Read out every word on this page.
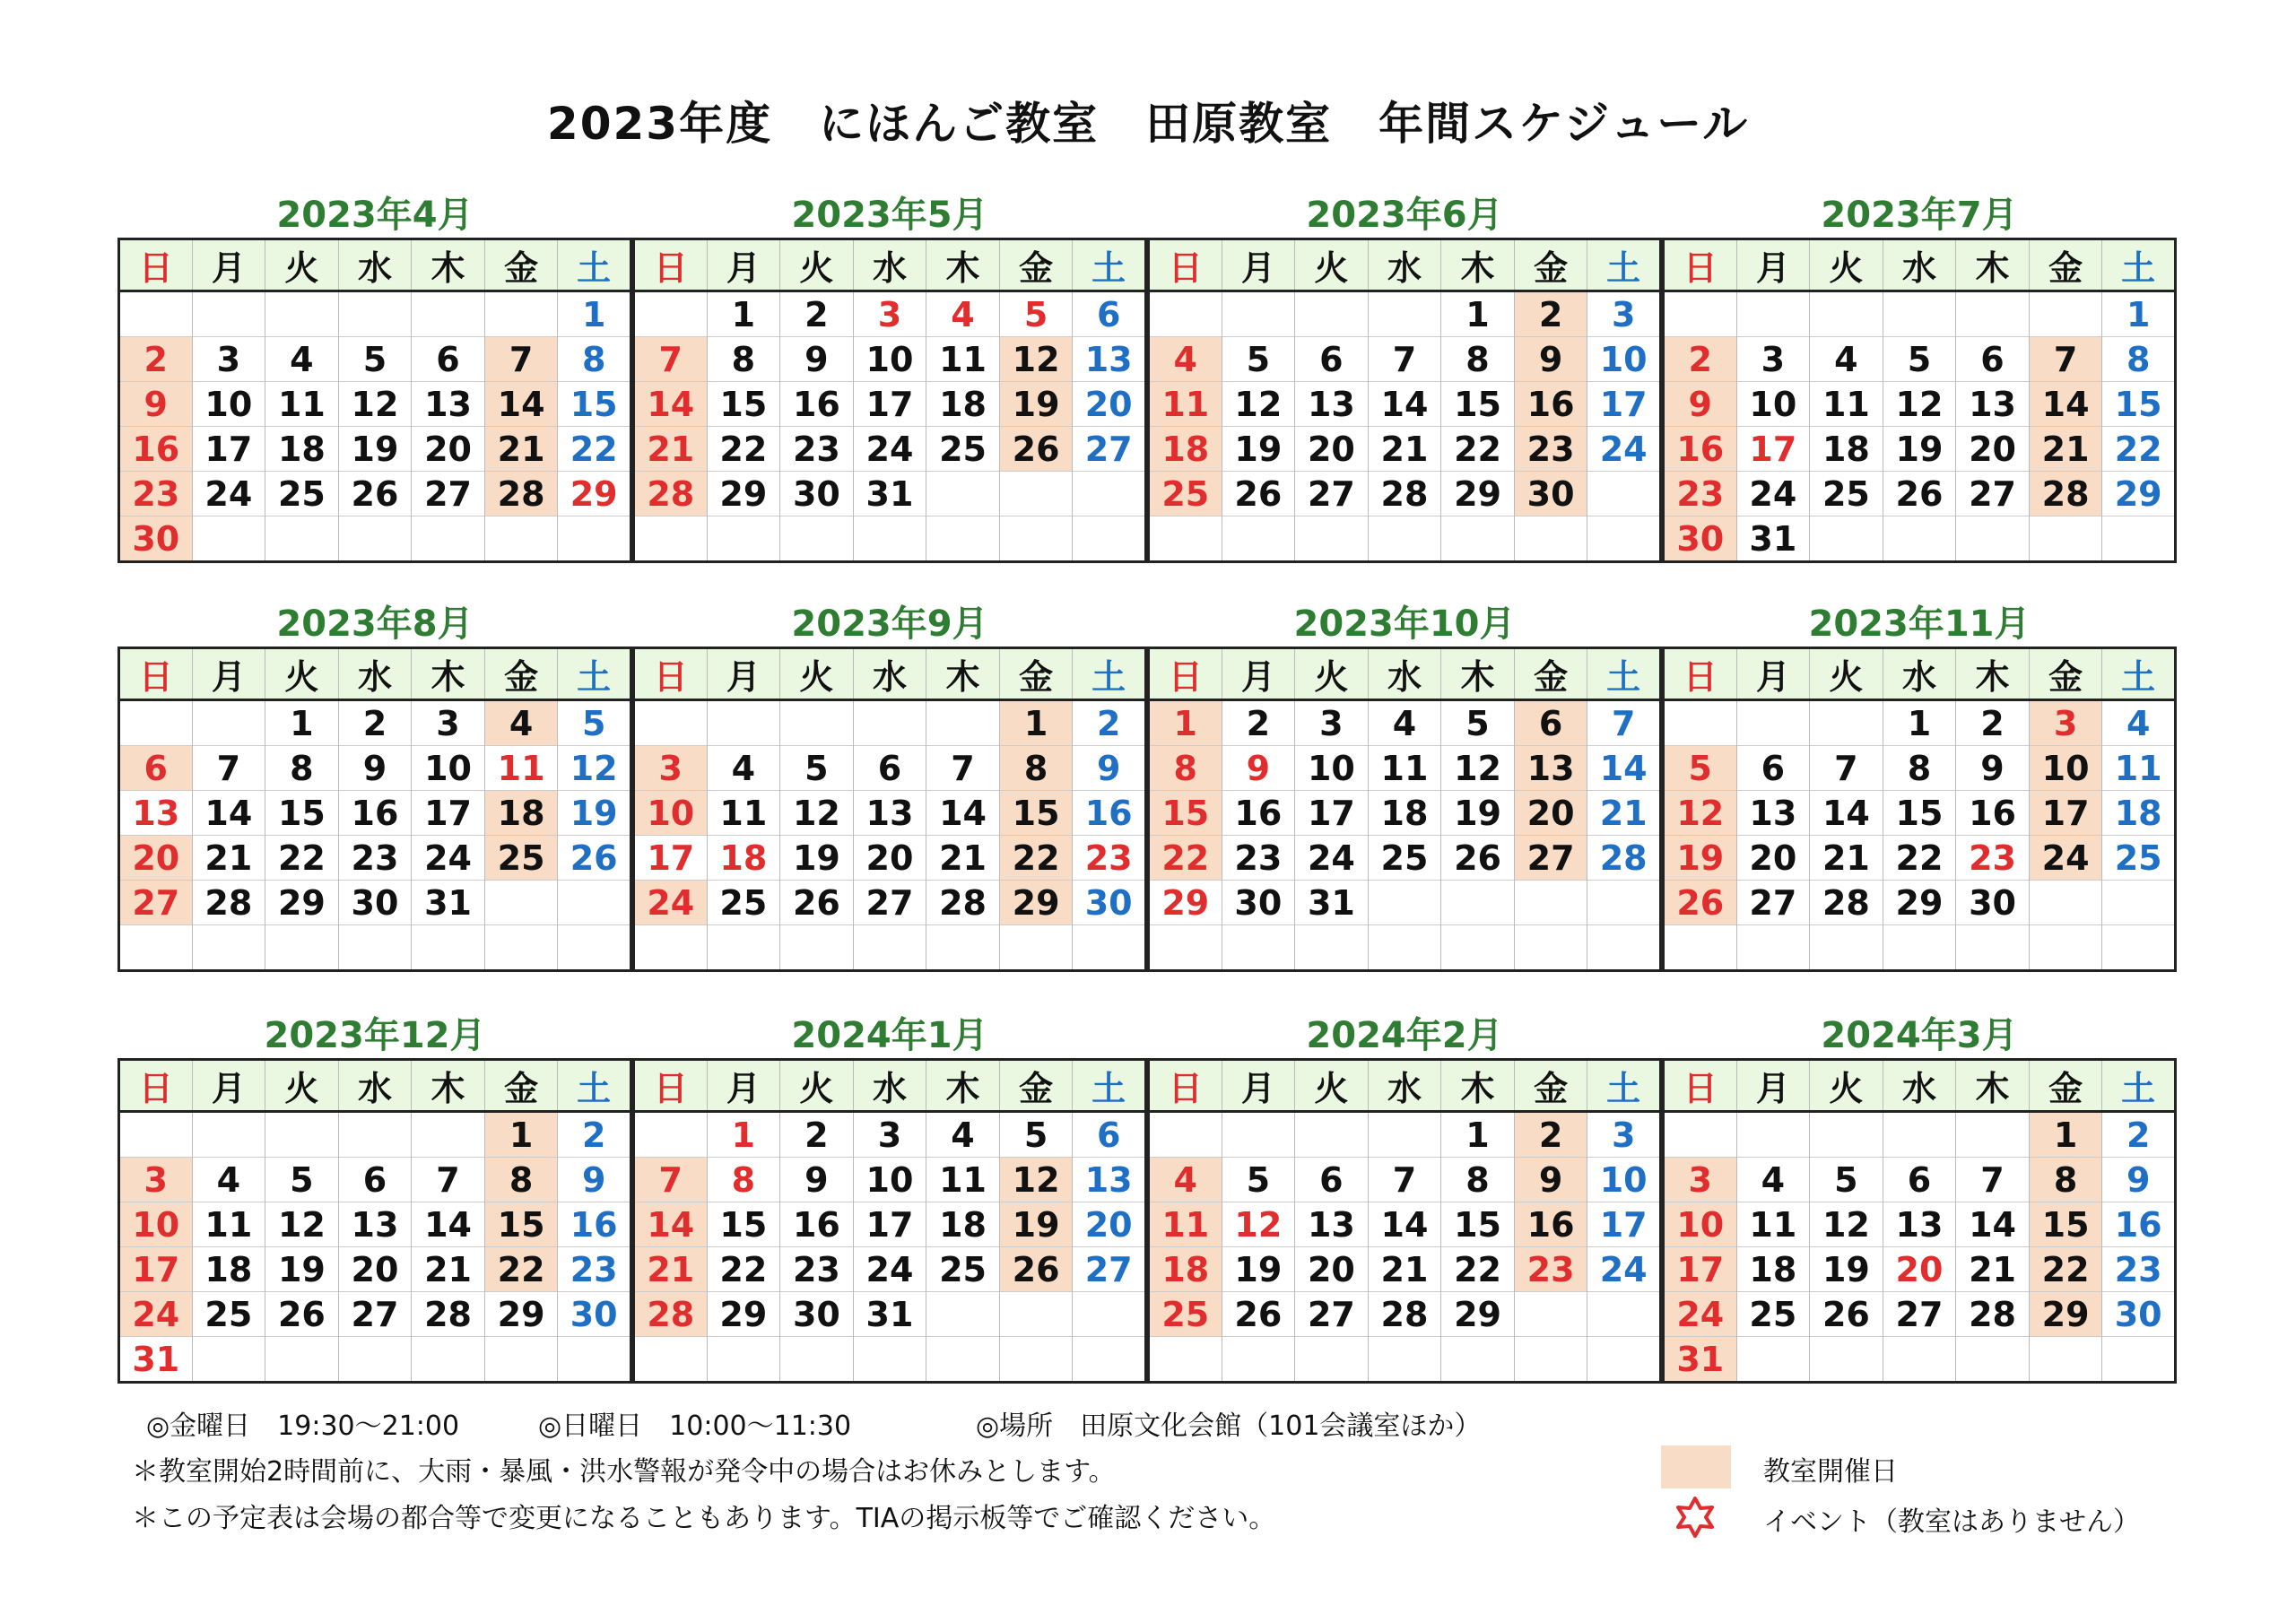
2023年度　にほんご教室　田原教室　年間スケジュール
2023年4月
日	月	火	水	木	金	土
						1
2	3	4	5	6	7	8
9	10	11	12	13	14	15
16	17	18	19	20	21	22
23	24	25	26	27	28	29
30						
2023年5月
日	月	火	水	木	金	土
	1	2	3	4	5	6
7	8	9	10	11	12	13
14	15	16	17	18	19	20
21	22	23	24	25	26	27
28	29	30	31			

2023年6月
日	月	火	水	木	金	土
				1	2	3
4	5	6	7	8	9	10
11	12	13	14	15	16	17
18	19	20	21	22	23	24
25	26	27	28	29	30	

2023年7月
日	月	火	水	木	金	土
						1
2	3	4	5	6	7	8
9	10	11	12	13	14	15
16	17	18	19	20	21	22
23	24	25	26	27	28	29
30	31					
2023年8月
日	月	火	水	木	金	土
		1	2	3	4	5
6	7	8	9	10	11	12
13	14	15	16	17	18	19
20	21	22	23	24	25	26
27	28	29	30	31		

2023年9月
日	月	火	水	木	金	土
					1	2
3	4	5	6	7	8	9
10	11	12	13	14	15	16
17	18	19	20	21	22	23
24	25	26	27	28	29	30

2023年10月
日	月	火	水	木	金	土
1	2	3	4	5	6	7
8	9	10	11	12	13	14
15	16	17	18	19	20	21
22	23	24	25	26	27	28
29	30	31				

2023年11月
日	月	火	水	木	金	土
			1	2	3	4
5	6	7	8	9	10	11
12	13	14	15	16	17	18
19	20	21	22	23	24	25
26	27	28	29	30		

2023年12月
日	月	火	水	木	金	土
					1	2
3	4	5	6	7	8	9
10	11	12	13	14	15	16
17	18	19	20	21	22	23
24	25	26	27	28	29	30
31						
2024年1月
日	月	火	水	木	金	土
	1	2	3	4	5	6
7	8	9	10	11	12	13
14	15	16	17	18	19	20
21	22	23	24	25	26	27
28	29	30	31			

2024年2月
日	月	火	水	木	金	土
				1	2	3
4	5	6	7	8	9	10
11	12	13	14	15	16	17
18	19	20	21	22	23	24
25	26	27	28	29		

2024年3月
日	月	火	水	木	金	土
					1	2
3	4	5	6	7	8	9
10	11	12	13	14	15	16
17	18	19	20	21	22	23
24	25	26	27	28	29	30
31						
◎金曜日　19:30～21:00	◎日曜日　10:00～11:30	◎場所　田原文化会館（101会議室ほか）
＊教室開始2時間前に、大雨・暴風・洪水警報が発令中の場合はお休みとします。
＊この予定表は会場の都合等で変更になることもあります。TIAの掲示板等でご確認ください。
教室開催日
イベント（教室はありません）
